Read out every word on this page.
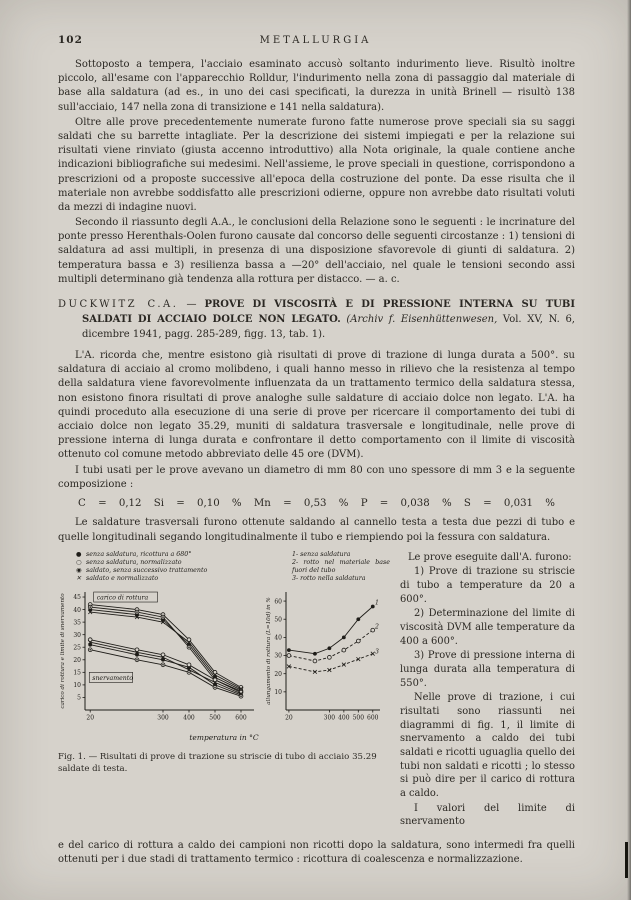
102	METALLURGIA

Sottoposto a tempera, l'acciaio esaminato accusò soltanto indurimento lieve. Risultò inoltre piccolo, all'esame con l'apparecchio Rolldur, l'indurimento nella zona di passaggio dal materiale di base alla saldatura (ad es., in uno dei casi specificati, la durezza in unità Brinell — risultò 138 sull'acciaio, 147 nella zona di transizione e 141 nella saldatura).

Oltre alle prove precedentemente numerate furono fatte numerose prove speciali sia su saggi saldati che su barrette intagliate. Per la descrizione dei sistemi impiegati e per la relazione sui risultati viene rinviato (giusta accenno introduttivo) alla Nota originale, la quale contiene anche indicazioni bibliografiche sui medesimi. Nell'assieme, le prove speciali in questione, corrispondono a prescrizioni od a proposte successive all'epoca della costruzione del ponte. Da esse risulta che il materiale non avrebbe soddisfatto alle prescrizioni odierne, oppure non avrebbe dato risultati voluti da mezzi di indagine nuovi.

Secondo il riassunto degli A.A., le conclusioni della Relazione sono le seguenti : le incrinature del ponte presso Herenthals-Oolen furono causate dal concorso delle seguenti circostanze : 1) tensioni di saldatura ad assi multipli, in presenza di una disposizione sfavorevole di giunti di saldatura. 2) temperatura bassa e 3) resilienza bassa a —20° dell'acciaio, nel quale le tensioni secondo assi multipli determinano già tendenza alla rottura per distacco. — a. c.

DUCKWITZ C.A. — PROVE DI VISCOSITÀ E DI PRESSIONE INTERNA SU TUBI SALDATI DI ACCIAIO DOLCE NON LEGATO. (Archiv f. Eisenhüttenwesen, Vol. XV, N. 6, dicembre 1941, pagg. 285-289, figg. 13, tab. 1).

L'A. ricorda che, mentre esistono già risultati di prove di trazione di lunga durata a 500°. su saldatura di acciaio al cromo molibdeno, i quali hanno messo in rilievo che la resistenza al tempo della saldatura viene favorevolmente influenzata da un trattamento termico della saldatura stessa, non esistono finora risultati di prove analoghe sulle saldature di acciaio dolce non legato. L'A. ha quindi proceduto alla esecuzione di una serie di prove per ricercare il comportamento dei tubi di acciaio dolce non legato 35.29, muniti di saldatura trasversale e longitudinale, nelle prove di pressione interna di lunga durata e confrontare il detto comportamento con il limite di viscosità ottenuto col comune metodo abbreviato delle 45 ore (DVM).

I tubi usati per le prove avevano un diametro di mm 80 con uno spessore di mm 3 e la seguente composizione :

C = 0,12 Si = 0,10 % Mn = 0,53 % P = 0,038 % S = 0,031 %

Le saldature trasversali furono ottenute saldando al cannello testa a testa due pezzi di tubo e quelle longitudinali segando longitudinalmente il tubo e riempiendo poi la fessura con saldatura.

● senza saldatura, ricottura a 680°
○ senza saldatura, normalizzato
◉ saldato, senza successivo trattamento
✕ saldato e normalizzato
5
10
15
20
25
30
35
40
45
20	300 400 500 600
carico di rottura e limite di snervamento	carico di rottura
snervamento
1- senza saldatura
2- rotto nel materiale base fuori del tubo
3- rotto nella saldatura
10
20
30
40
50
60
20	300 400 500 600
allungamento di rottura (L=10d) in %	1
2
3
temperatura in °C
Fig. 1. — Risultati di prove di trazione su striscie di tubo di acciaio 35.29 saldate di testa.

Le prove eseguite dall'A. furono:

1) Prove di trazione su striscie di tubo a temperature da 20 a 600°.

2) Determinazione del limite di viscosità DVM alle temperature da 400 a 600°.

3) Prove di pressione interna di lunga durata alla temperatura di 550°.

Nelle prove di trazione, i cui risultati sono riassunti nei diagrammi di fig. 1, il limite di snervamento a caldo dei tubi saldati e ricotti uguaglia quello dei tubi non saldati e ricotti ; lo stesso si può dire per il carico di rottura a caldo.

I valori del limite di snervamento

e del carico di rottura a caldo dei campioni non ricotti dopo la saldatura, sono intermedi fra quelli ottenuti per i due stadi di trattamento termico : ricottura di coalescenza e normalizzazione.
